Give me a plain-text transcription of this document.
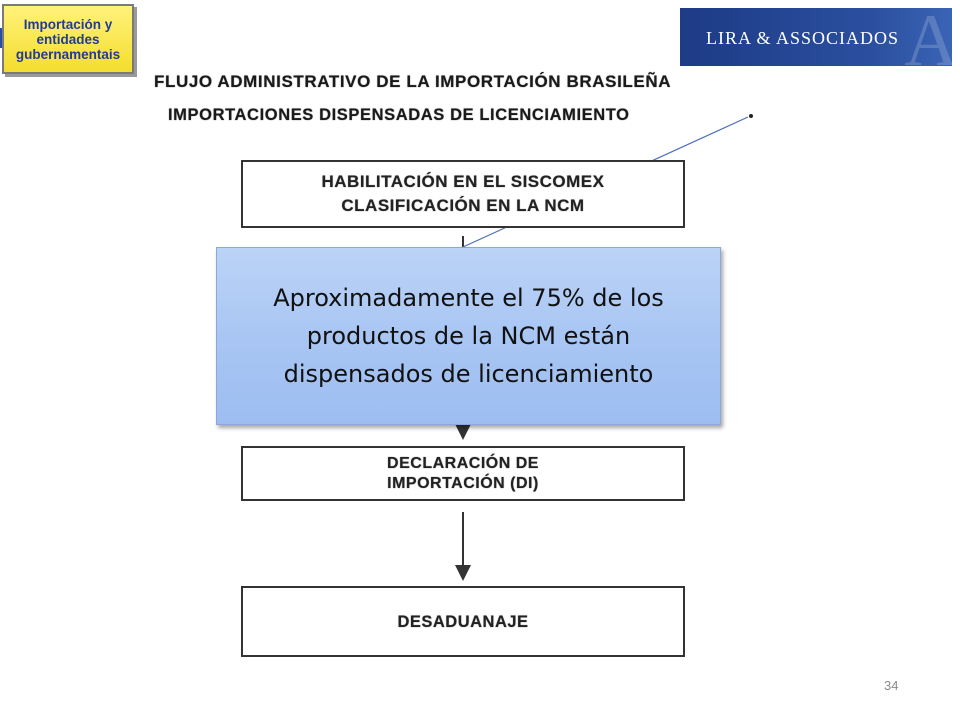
Importación y
entidades
gubernamentais
LIRA & ASSOCIADOS A
FLUJO ADMINISTRATIVO DE LA IMPORTACIÓN BRASILEÑA
IMPORTACIONES DISPENSADAS DE LICENCIAMIENTO
HABILITACIÓN EN EL SISCOMEX
CLASIFICACIÓN EN LA NCM
Aproximadamente el 75% de los
productos de la NCM están
dispensados de licenciamiento
DECLARACIÓN DE
IMPORTACIÓN (DI)
DESADUANAJE
34
